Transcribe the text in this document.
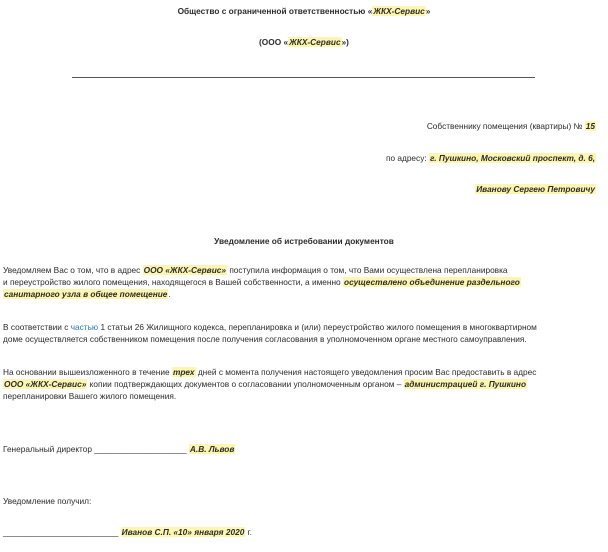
Общество с ограниченной ответственностью «ЖКХ-Сервис»
(ООО «ЖКХ-Сервис»)
Собственнику помещения (квартиры) № 15
по адресу: г. Пушкино, Московский проспект, д. 6,
Иванову Сергею Петровичу
Уведомление об истребовании документов
Уведомляем Вас о том, что в адрес ООО «ЖКХ-Сервис» поступила информация о том, что Вами осуществлена перепланировка
и переустройство жилого помещения, находящегося в Вашей собственности, а именно осуществлено объединение раздельного
санитарного узла в общее помещение.
В соответствии с частью 1 статьи 26 Жилищного кодекса, перепланировка и (или) переустройство жилого помещения в многоквартирном
доме осуществляется собственником помещения после получения согласования в уполномоченном органе местного самоуправления.
На основании вышеизложенного в течение трех дней с момента получения настоящего уведомления просим Вас предоставить в адрес
ООО «ЖКХ-Сервис» копии подтверждающих документов о согласовании уполномоченным органом – администрацией г. Пушкино
перепланировки Вашего жилого помещения.
Генеральный директор ____________________ А.В. Львов
Уведомление получил:
_________________________ Иванов С.П. «10» января 2020 г.
